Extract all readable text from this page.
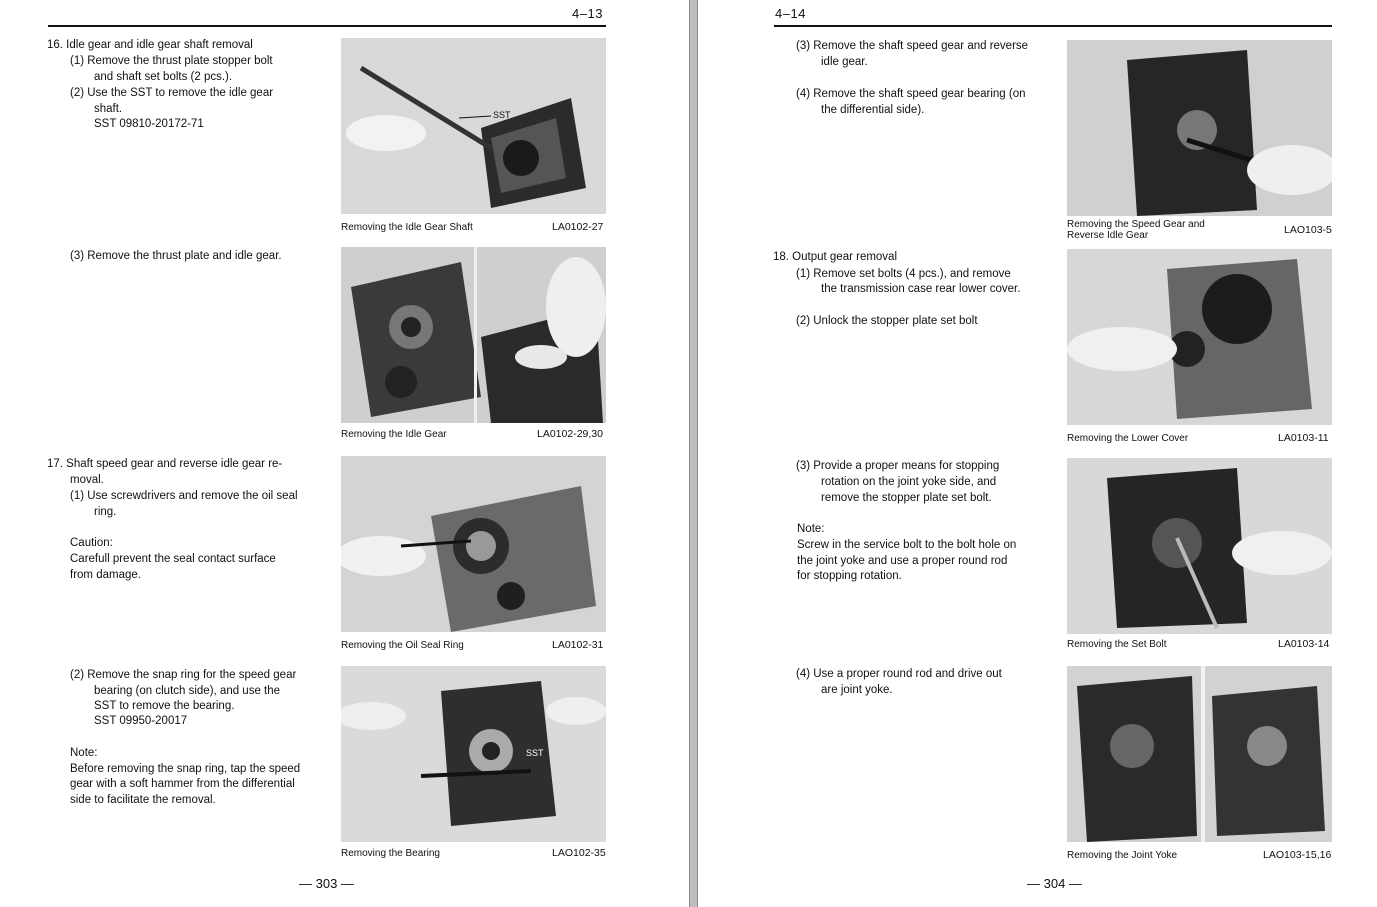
4–13
16. Idle gear and idle gear shaft removal
(1) Remove the thrust plate stopper bolt
and shaft set bolts (2 pcs.).
(2) Use the SST to remove the idle gear
shaft.
SST 09810-20172-71
(3) Remove the thrust plate and idle gear.
17. Shaft speed gear and reverse idle gear re-
moval.
(1) Use screwdrivers and remove the oil seal
ring.
Caution:
Carefull prevent the seal contact surface
from damage.
(2) Remove the snap ring for the speed gear
bearing (on clutch side), and use the
SST to remove the bearing.
SST 09950-20017
Note:
Before removing the snap ring, tap the speed
gear with a soft hammer from the differential
side to facilitate the removal.
SST
Removing the Idle Gear Shaft	LA0102-27
Removing the Idle Gear	LA0102-29,30
Removing the Oil Seal Ring	LA0102-31
SST
Removing the Bearing	LAO102-35
— 303 —
4–14
(3) Remove the shaft speed gear and reverse
idle gear.
(4) Remove the shaft speed gear bearing (on
the differential side).
18. Output gear removal
(1) Remove set bolts (4 pcs.), and remove
the transmission case rear lower cover.
(2) Unlock the stopper plate set bolt
(3) Provide a proper means for stopping
rotation on the joint yoke side, and
remove the stopper plate set bolt.
Note:
Screw in the service bolt to the bolt hole on
the joint yoke and use a proper round rod
for stopping rotation.
(4) Use a proper round rod and drive out
are joint yoke.
Removing the Speed Gear and
Reverse Idle Gear	LAO103-5
Removing the Lower Cover	LA0103-11
Removing the Set Bolt	LA0103-14
Removing the Joint Yoke	LAO103-15,16
— 304 —
